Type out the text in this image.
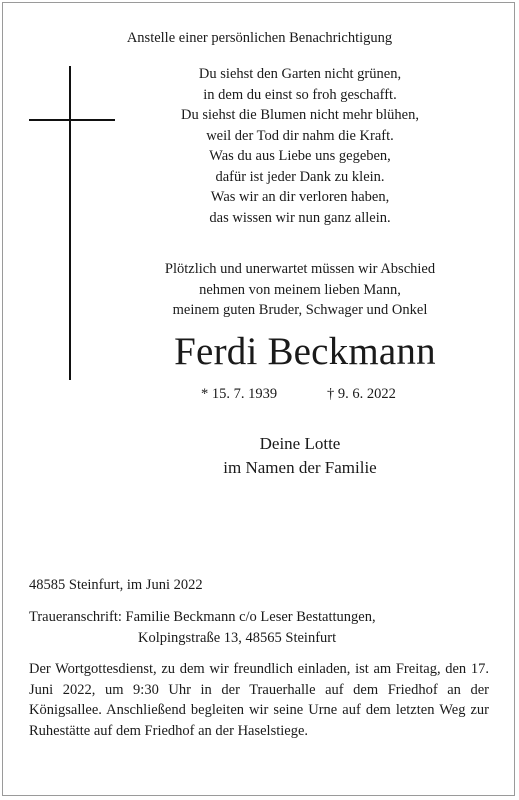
Anstelle einer persönlichen Benachrichtigung
Du siehst den Garten nicht grünen,
in dem du einst so froh geschafft.
Du siehst die Blumen nicht mehr blühen,
weil der Tod dir nahm die Kraft.
Was du aus Liebe uns gegeben,
dafür ist jeder Dank zu klein.
Was wir an dir verloren haben,
das wissen wir nun ganz allein.
Plötzlich und unerwartet müssen wir Abschied
nehmen von meinem lieben Mann,
meinem guten Bruder, Schwager und Onkel
Ferdi Beckmann
* 15. 7. 1939	† 9. 6. 2022
Deine Lotte
im Namen der Familie
48585 Steinfurt, im Juni 2022
Traueranschrift: Familie Beckmann c/o Leser Bestattungen,
Kolpingstraße 13, 48565 Steinfurt
Der Wortgottesdienst, zu dem wir freundlich einladen, ist am Freitag, den 17. Juni 2022, um 9:30 Uhr in der Trauerhalle auf dem Friedhof an der Königsallee. Anschließend begleiten wir seine Urne auf dem letzten Weg zur Ruhestätte auf dem Friedhof an der Haselstiege.
